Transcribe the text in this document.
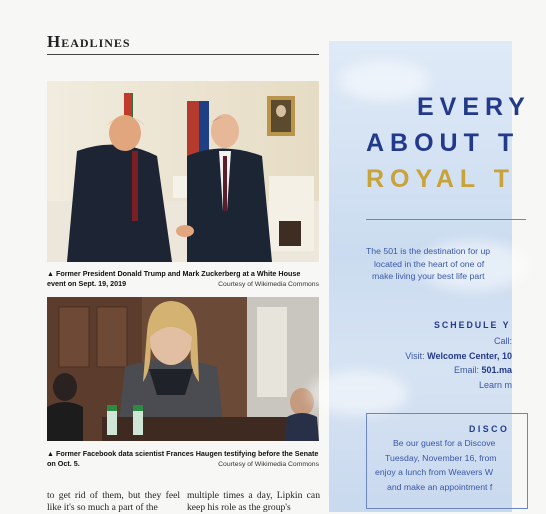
Headlines
▲ Former President Donald Trump and Mark Zuckerberg at a White House event on Sept. 19, 2019	Courtesy of Wikimedia Commons
▲ Former Facebook data scientist Frances Haugen testifying before the Senate on Oct. 5.	Courtesy of Wikimedia Commons
to get rid of them, but they feel like it's so much a part of the
multiple times a day, Lipkin can keep his role as the group's
EVERY
ABOUT T
ROYAL T
The 501 is the destination for up
located in the heart of one of
make living your best life part
SCHEDULE Y
Call:
Visit: Welcome Center, 10
Email: 501.ma
Learn m
DISCO
Be our guest for a Discove
Tuesday, November 16, from
enjoy a lunch from Weavers W
and make an appointment f
